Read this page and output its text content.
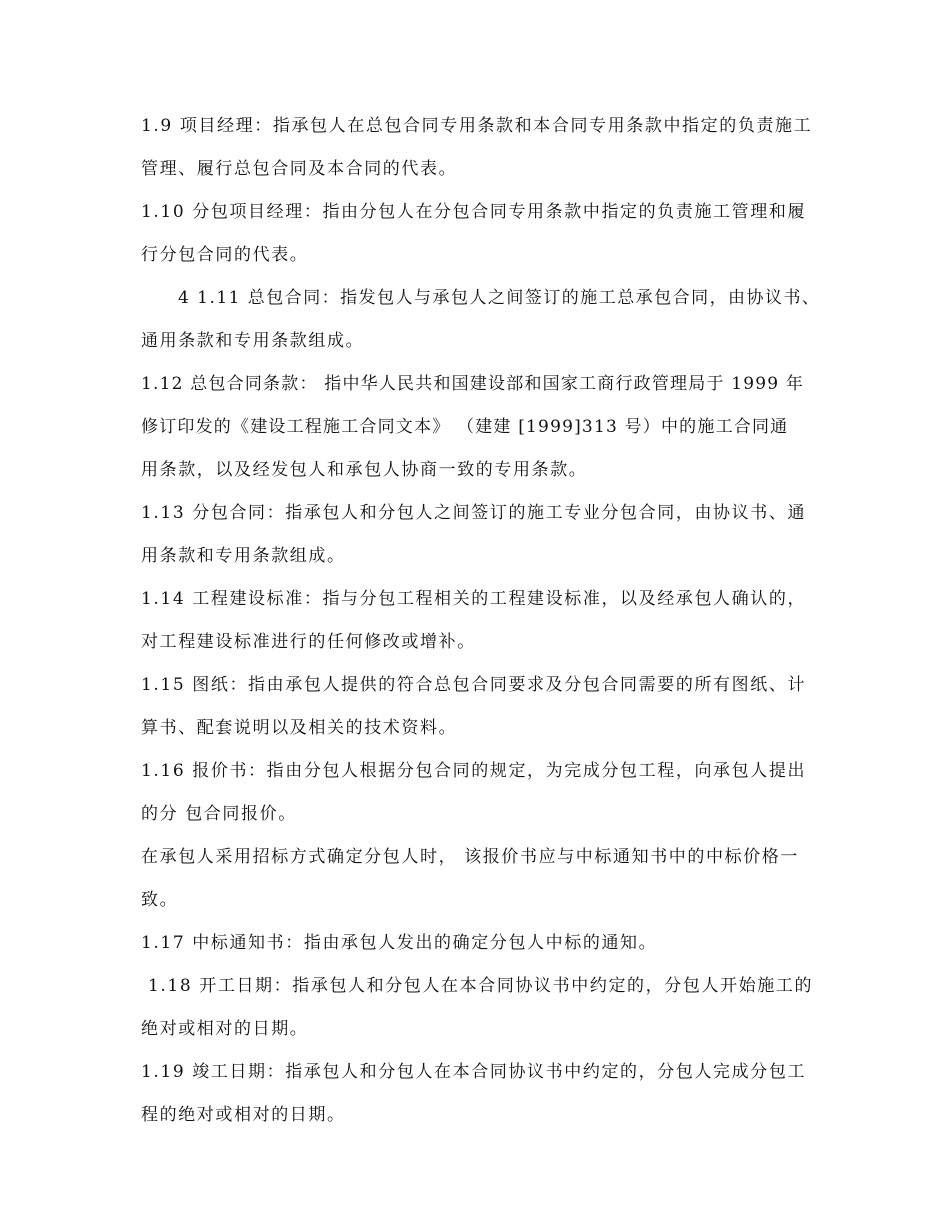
1.9 项目经理：指承包人在总包合同专用条款和本合同专用条款中指定的负责施工
管理、履行总包合同及本合同的代表。
1.10 分包项目经理：指由分包人在分包合同专用条款中指定的负责施工管理和履
行分包合同的代表。
4 1.11 总包合同：指发包人与承包人之间签订的施工总承包合同，由协议书、
通用条款和专用条款组成。
1.12 总包合同条款： 指中华人民共和国建设部和国家工商行政管理局于 1999 年
修订印发的《建设工程施工合同文本》 （建建 [1999]313 号）中的施工合同通
用条款，以及经发包人和承包人协商一致的专用条款。
1.13 分包合同：指承包人和分包人之间签订的施工专业分包合同，由协议书、通
用条款和专用条款组成。
1.14 工程建设标准：指与分包工程相关的工程建设标准，以及经承包人确认的，
对工程建设标准进行的任何修改或增补。
1.15 图纸：指由承包人提供的符合总包合同要求及分包合同需要的所有图纸、计
算书、配套说明以及相关的技术资料。
1.16 报价书：指由分包人根据分包合同的规定，为完成分包工程，向承包人提出
的分 包合同报价。
在承包人采用招标方式确定分包人时， 该报价书应与中标通知书中的中标价格一
致。
1.17 中标通知书：指由承包人发出的确定分包人中标的通知。
1.18 开工日期：指承包人和分包人在本合同协议书中约定的，分包人开始施工的
绝对或相对的日期。
1.19 竣工日期：指承包人和分包人在本合同协议书中约定的，分包人完成分包工
程的绝对或相对的日期。
